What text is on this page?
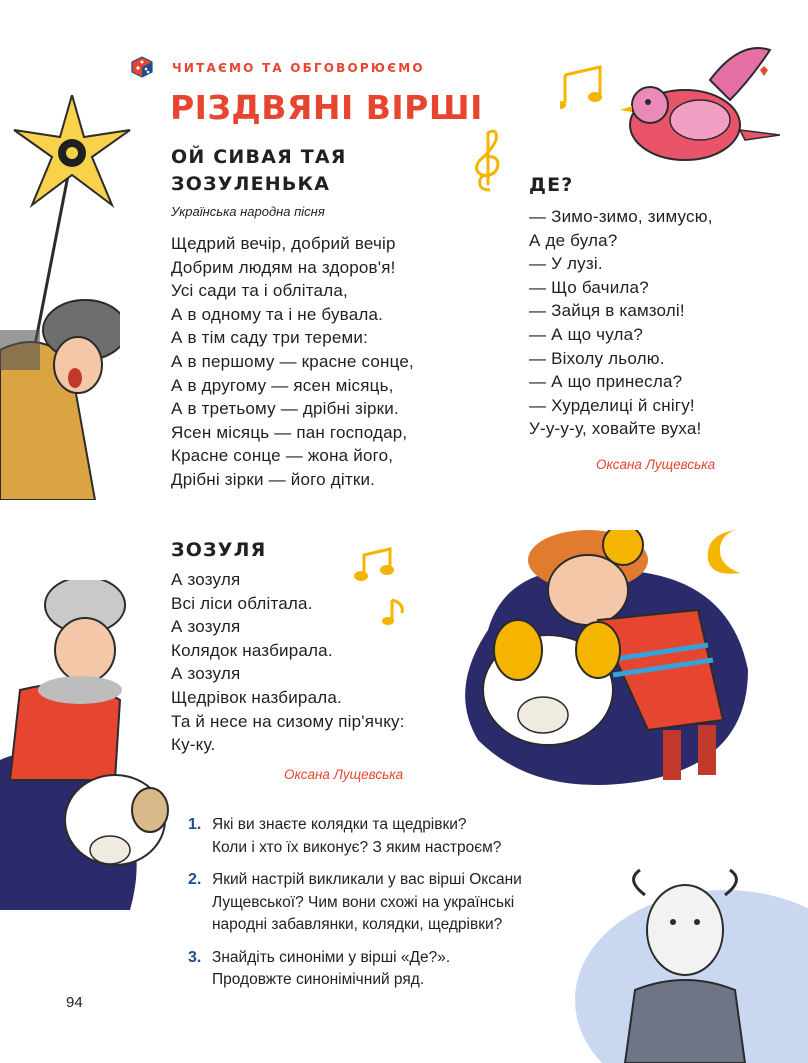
ЧИТАЄМО ТА ОБГОВОРЮЄМО
РІЗДВЯНІ ВІРШІ
ОЙ СИВАЯ ТАЯ
ЗОЗУЛЕНЬКА
Українська народна пісня
Щедрий вечір, добрий вечір
Добрим людям на здоров'я!
Усі сади та і облітала,
А в одному та і не бувала.
А в тім саду три тереми:
А в першому — красне сонце,
А в другому — ясен місяць,
А в третьому — дрібні зірки.
Ясен місяць — пан господар,
Красне сонце — жона його,
Дрібні зірки — його дітки.
ДЕ?
— Зимо-зимо, зимусю,
А де була?
— У лузі.
— Що бачила?
— Зайця в камзолі!
— А що чула?
— Віхолу льолю.
— А що принесла?
— Хурделиці й снігу!
У-у-у-у, ховайте вуха!
Оксана Лущевська
ЗОЗУЛЯ
А зозуля
Всі ліси облітала.
А зозуля
Колядок назбирала.
А зозуля
Щедрівок назбирала.
Та й несе на сизому пір'ячку:
Ку-ку.
Оксана Лущевська
1. Які ви знаєте колядки та щедрівки?
Коли і хто їх виконує? З яким настроєм?
2. Який настрій викликали у вас вірші Оксани
Лущевської? Чим вони схожі на українські
народні забавлянки, колядки, щедрівки?
3. Знайдіть синоніми у вірші «Де?».
Продовжте синонімічний ряд.
94
